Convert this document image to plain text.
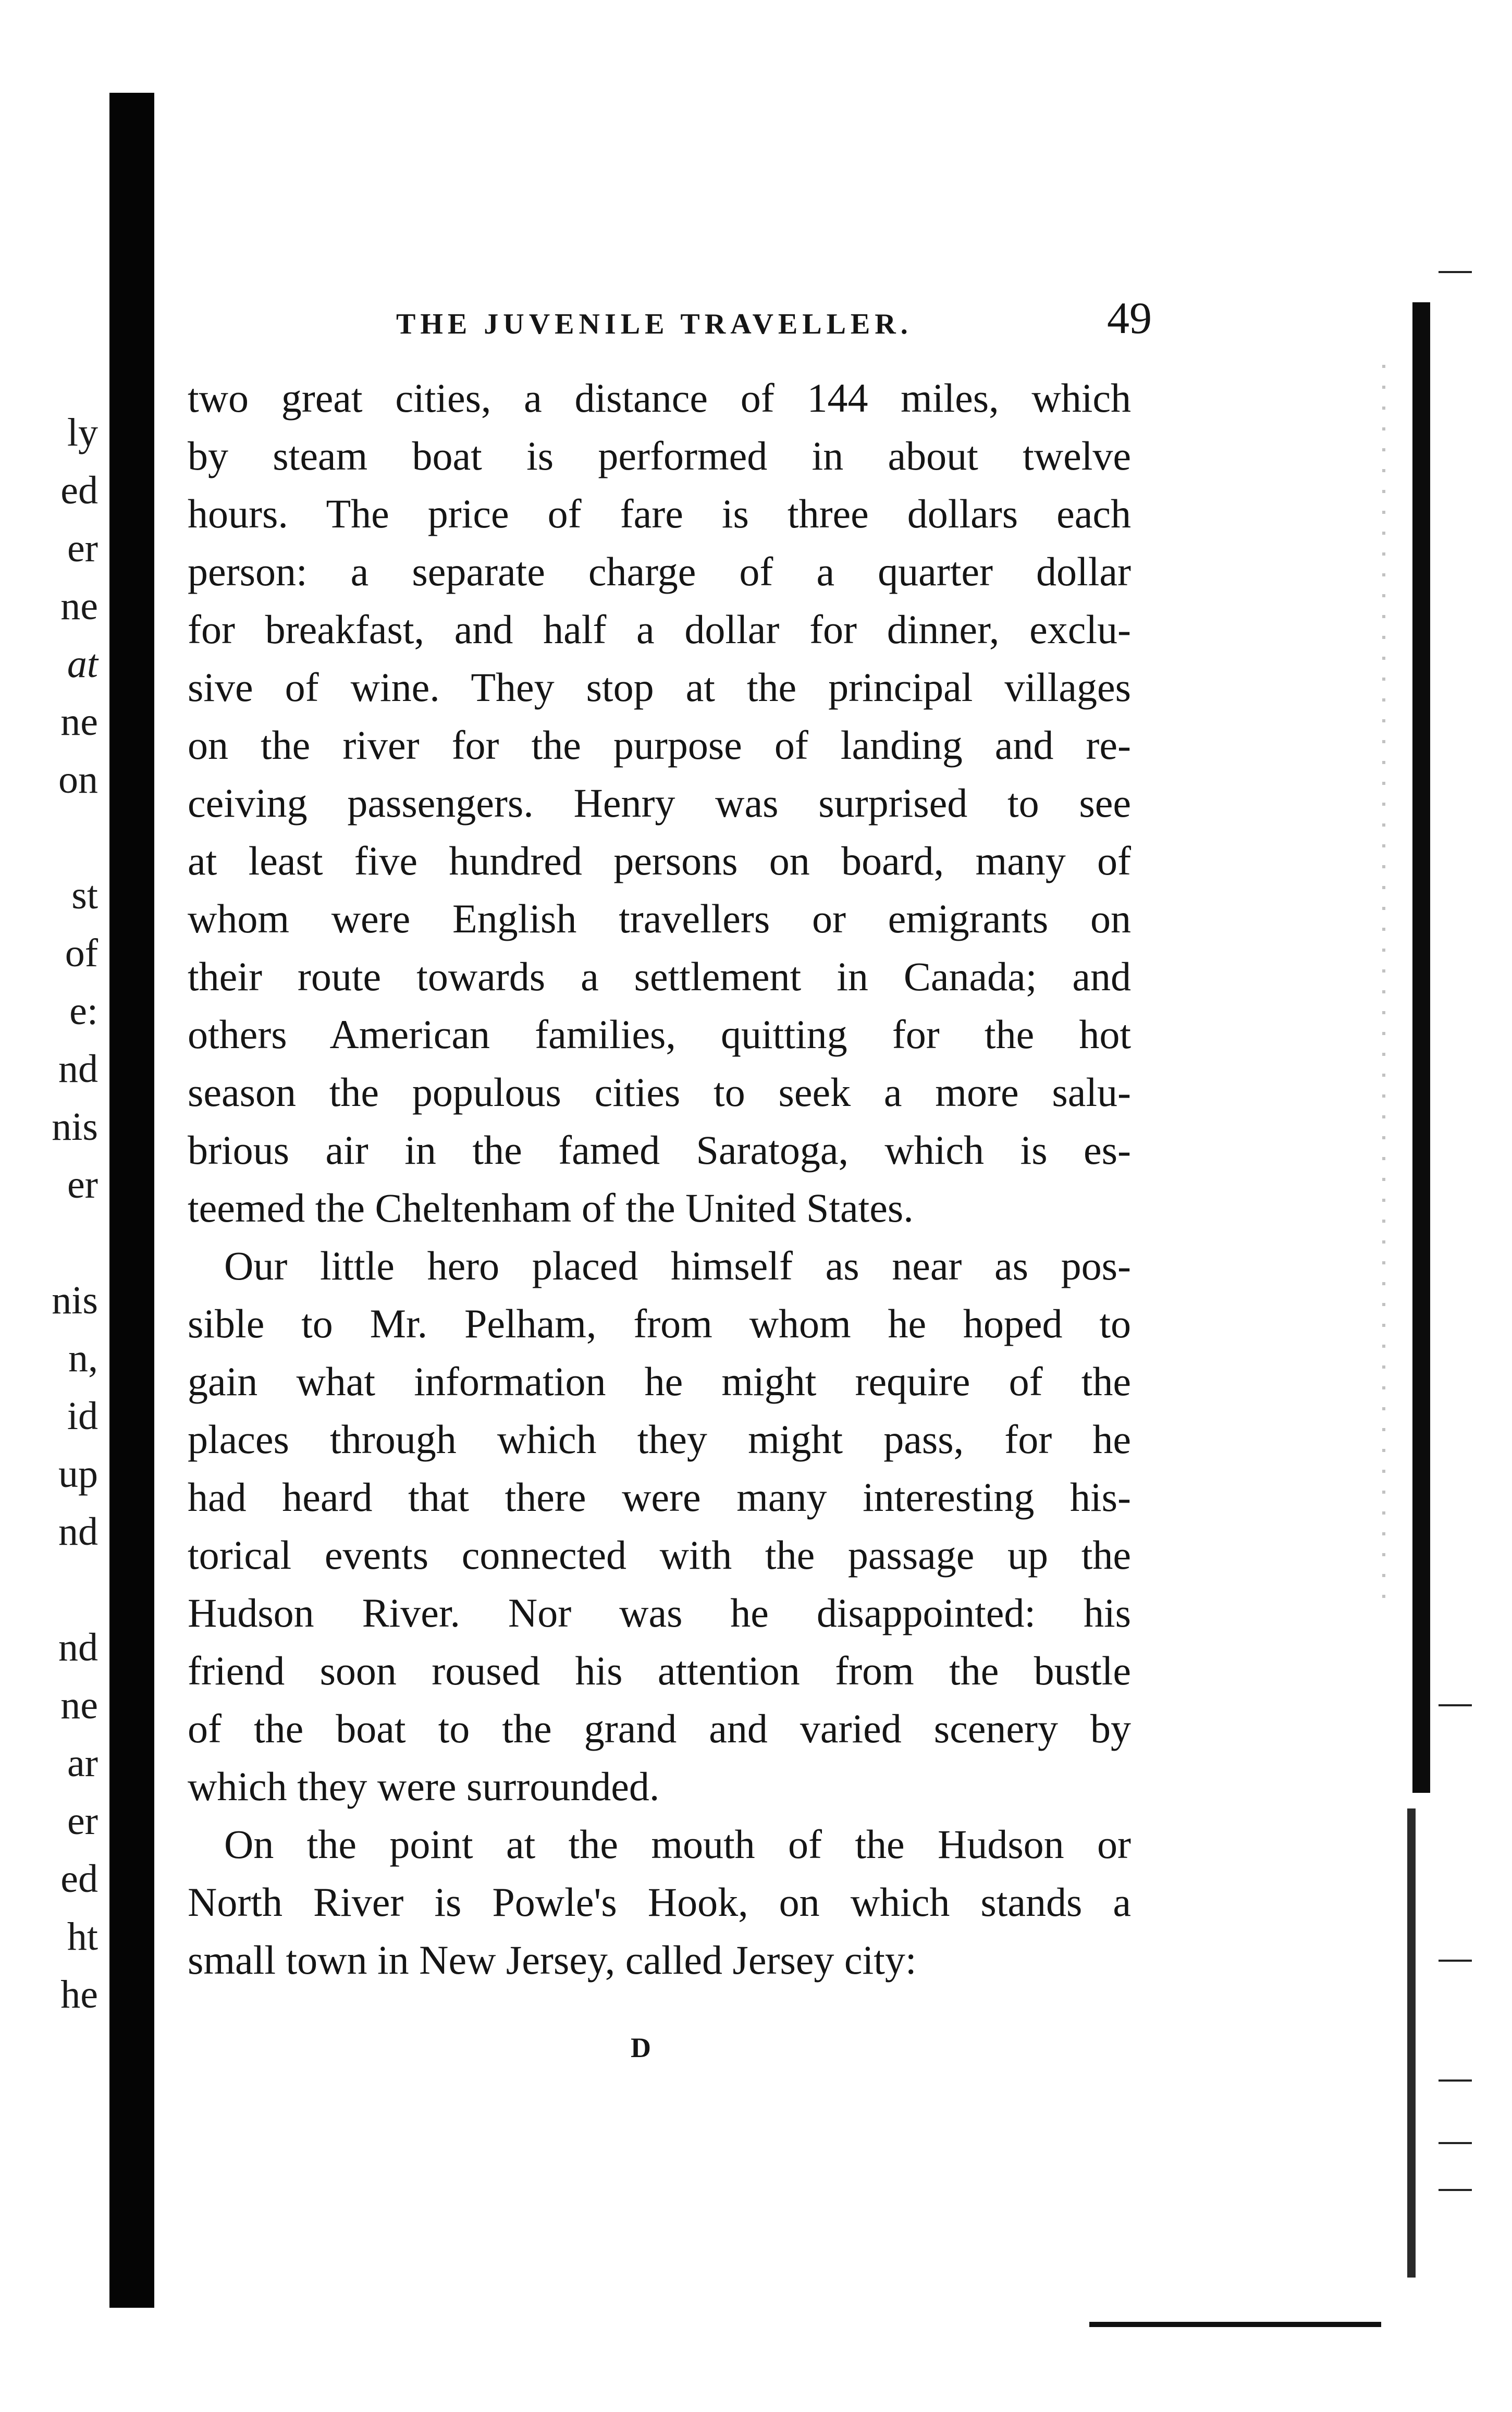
ly
ed
er
ne
at
ne
on
st
of
e:
nd
nis
er
nis
n,
id
up
nd
nd
ne
ar
er
ed
ht
he
THE JUVENILE TRAVELLER.	49

two great cities, a distance of 144 miles, which
by steam boat is performed in about twelve
hours. The price of fare is three dollars each
person: a separate charge of a quarter dollar
for breakfast, and half a dollar for dinner, exclu-
sive of wine. They stop at the principal villages
on the river for the purpose of landing and re-
ceiving passengers. Henry was surprised to see
at least five hundred persons on board, many of
whom were English travellers or emigrants on
their route towards a settlement in Canada; and
others American families, quitting for the hot
season the populous cities to seek a more salu-
brious air in the famed Saratoga, which is es-
teemed the Cheltenham of the United States.

Our little hero placed himself as near as pos-
sible to Mr. Pelham, from whom he hoped to
gain what information he might require of the
places through which they might pass, for he
had heard that there were many interesting his-
torical events connected with the passage up the
Hudson River. Nor was he disappointed: his
friend soon roused his attention from the bustle
of the boat to the grand and varied scenery by
which they were surrounded.

On the point at the mouth of the Hudson or
North River is Powle's Hook, on which stands a
small town in New Jersey, called Jersey city:

D
